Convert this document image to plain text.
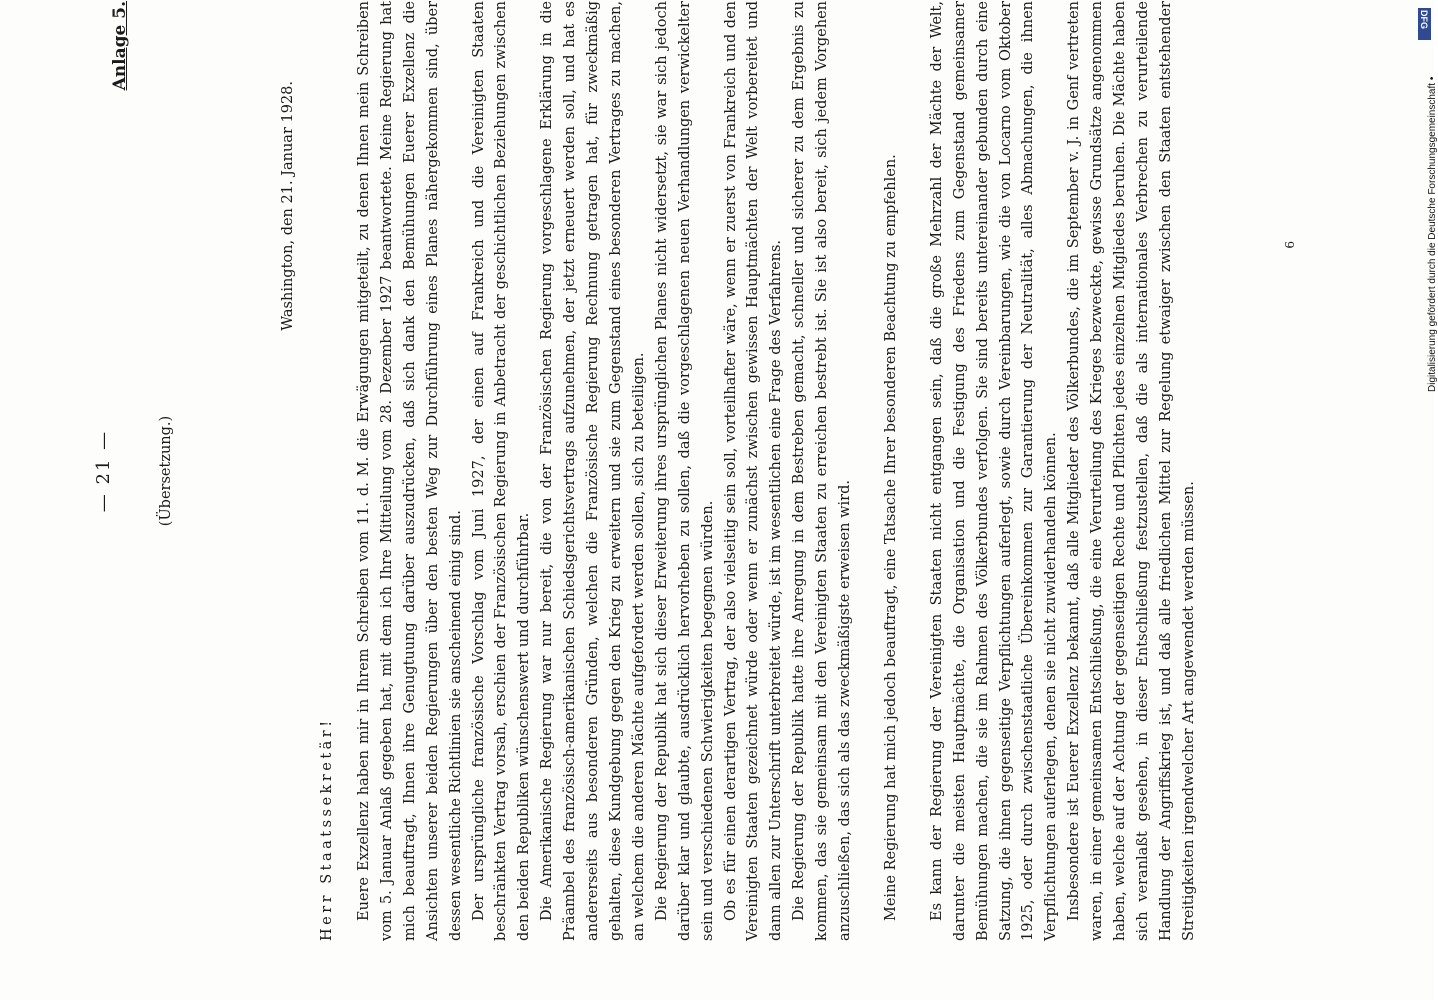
— 21 —
Anlage 5.
(Übersetzung.)
Washington, den 21. Januar 1928.
Herr Staatssekretär! Euere Exzellenz haben mir in Ihrem Schreiben vom 11. d. M. die Erwägungen mitgeteilt, zu denen Ihnen mein Schreiben vom 5. Januar Anlaß gegeben hat, mit dem ich Ihre Mitteilung vom 28. Dezember 1927 beantwortete. Meine Regierung hat mich beauftragt, Ihnen ihre Genugtuung darüber auszudrücken, daß sich dank den Bemühungen Euerer Exzellenz die Ansichten unserer beiden Regierungen über den besten Weg zur Durchführung eines Planes nähergekommen sind, über dessen wesentliche Richtlinien sie anscheinend einig sind. Der ursprüngliche französische Vorschlag vom Juni 1927, der einen auf Frankreich und die Vereinigten Staaten beschränkten Vertrag vorsah, erschien der Französischen Regierung in Anbetracht der geschichtlichen Beziehungen zwischen den beiden Republiken wünschenswert und durchführbar. Die Amerikanische Regierung war nur bereit, die von der Französischen Regierung vorgeschlagene Erklärung in die Präambel des französisch-amerikanischen Schiedsgerichtsvertrags aufzunehmen, der jetzt erneuert werden soll, und hat es andererseits aus besonderen Gründen, welchen die Französische Regierung Rechnung getragen hat, für zweckmäßig gehalten, diese Kundgebung gegen den Krieg zu erweitern und sie zum Gegenstand eines besonderen Vertrages zu machen, an welchem die anderen Mächte aufgefordert werden sollen, sich zu beteiligen. Die Regierung der Republik hat sich dieser Erweiterung ihres ursprünglichen Planes nicht widersetzt, sie war sich jedoch darüber klar und glaubte, ausdrücklich hervorheben zu sollen, daß die vorgeschlagenen neuen Verhandlungen verwickelter sein und verschiedenen Schwierigkeiten begegnen würden. Ob es für einen derartigen Vertrag, der also vielseitig sein soll, vorteilhafter wäre, wenn er zuerst von Frankreich und den Vereinigten Staaten gezeichnet würde oder wenn er zunächst zwischen gewissen Hauptmächten der Welt vorbereitet und dann allen zur Unterschrift unterbreitet würde, ist im wesentlichen eine Frage des Verfahrens. Die Regierung der Republik hatte ihre Anregung in dem Bestreben gemacht, schneller und sicherer zu dem Ergebnis zu kommen, das sie gemeinsam mit den Vereinigten Staaten zu erreichen bestrebt ist. Sie ist also bereit, sich jedem Vorgehen anzuschließen, das sich als das zweckmäßigste erweisen wird. Meine Regierung hat mich jedoch beauftragt, eine Tatsache Ihrer besonderen Beachtung zu empfehlen. Es kann der Regierung der Vereinigten Staaten nicht entgangen sein, daß die große Mehrzahl der Mächte der Welt, darunter die meisten Hauptmächte, die Organisation und die Festigung des Friedens zum Gegenstand gemeinsamer Bemühungen machen, die sie im Rahmen des Völkerbundes verfolgen. Sie sind bereits untereinander gebunden durch eine Satzung, die ihnen gegenseitige Verpflichtungen auferlegt, sowie durch Vereinbarungen, wie die von Locarno vom Oktober 1925, oder durch zwischenstaatliche Übereinkommen zur Garantierung der Neutralität, alles Abmachungen, die ihnen Verpflichtungen auferlegen, denen sie nicht zuwiderhandeln können. Insbesondere ist Euerer Exzellenz bekannt, daß alle Mitglieder des Völkerbundes, die im September v. J. in Genf vertreten waren, in einer gemeinsamen Entschließung, die eine Verurteilung des Krieges bezweckte, gewisse Grundsätze angenommen haben, welche auf der Achtung der gegenseitigen Rechte und Pflichten jedes einzelnen Mitgliedes beruhen. Die Mächte haben sich veranlaßt gesehen, in dieser Entschließung festzustellen, daß die als internationales Verbrechen zu verurteilende Handlung der Angriffskrieg ist, und daß alle friedlichen Mittel zur Regelung etwaiger zwischen den Staaten entstehender Streitigkeiten irgendwelcher Art angewendet werden müssen.

6	Digitalisierung gefördert durch die Deutsche Forschungsgemeinschaft •
DFG
